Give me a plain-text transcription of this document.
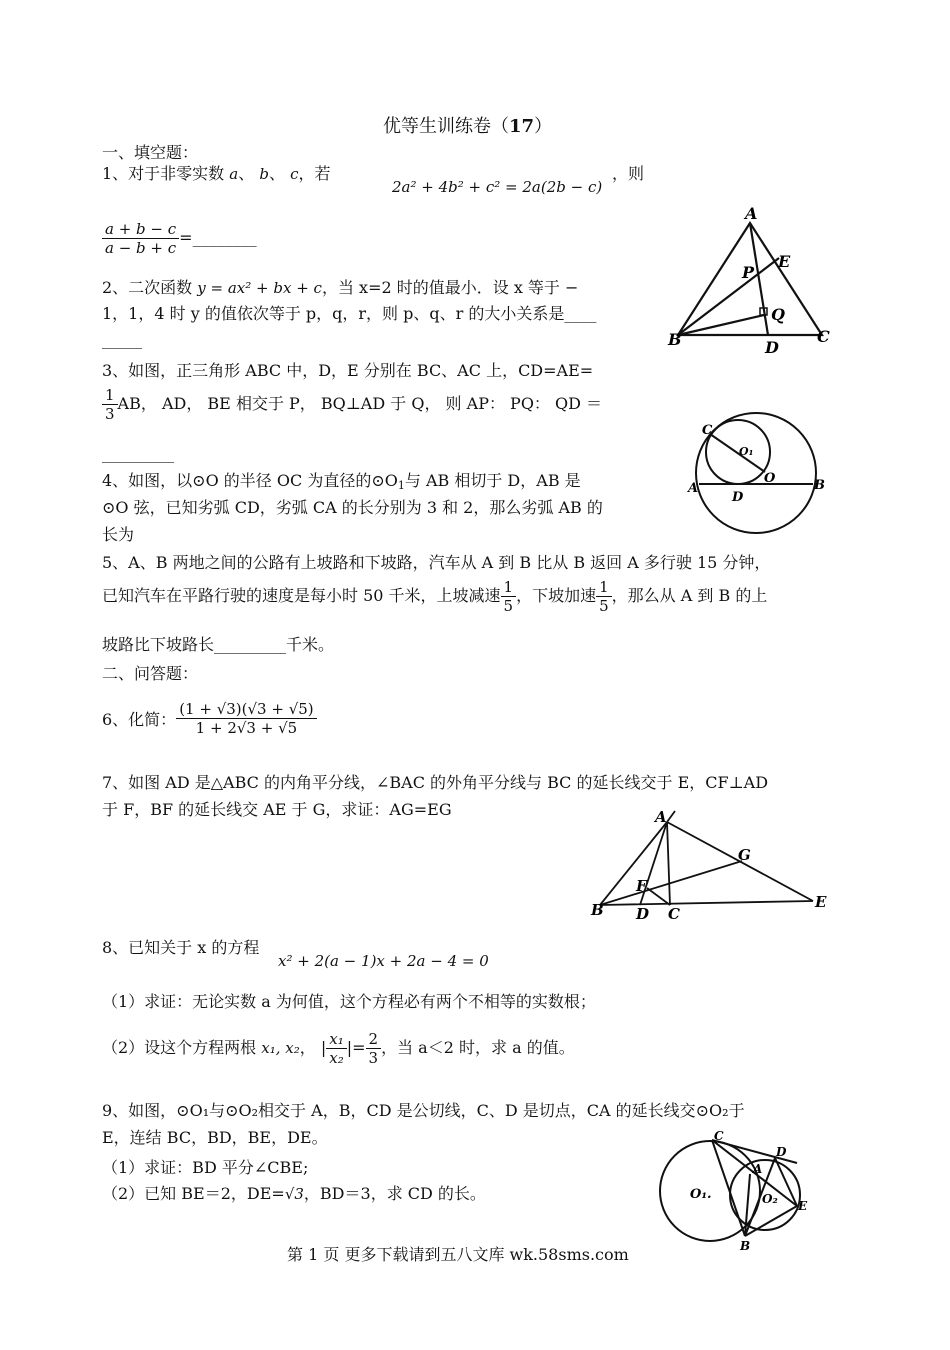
优等生训练卷（17）
一、填空题：
1、对于非零实数 a、 b、 c，若
2a² + 4b² + c² = 2a(2b − c)
，则
$\frac{a + b - c}{a - b + c}$ =________
2、二次函数 y = ax² + bx + c，当 x=2 时的值最小．设 x 等于 −
1，1，4 时 y 的值依次等于 p，q，r，则 p、q、r 的大小关系是____
_____
3、如图，正三角形 ABC 中，D，E 分别在 BC、AC 上，CD=AE=
$\frac{1}{3}$ AB， AD， BE 相交于 P， BQ⊥AD 于 Q， 则 AP： PQ： QD ＝
_________
4、如图，以⊙O 的半径 OC 为直径的$⊙O_1$与 AB 相切于 D，AB 是
⊙O 弦，已知劣弧 CD，劣弧 CA 的长分别为 3 和 2，那么劣弧 AB 的
长为
5、A、B 两地之间的公路有上坡路和下坡路，汽车从 A 到 B 比从 B 返回 A 多行驶 15 分钟，
已知汽车在平路行驶的速度是每小时 50 千米，上坡减速 $\frac{1}{5}$ ，下坡加速 $\frac{1}{5}$ ，那么从 A 到 B 的上
坡路比下坡路长_________千米。
二、问答题：
6、化简： $\frac{(1 + √3)(√3 + √5)}{1 + 2√3 + √5}$
7、如图 AD 是△ABC 的内角平分线，∠BAC 的外角平分线与 BC 的延长线交于 E，CF⊥AD
于 F，BF 的延长线交 AE 于 G，求证：AG=EG
8、已知关于 x 的方程
x² + 2(a − 1)x + 2a − 4 = 0
（1）求证：无论实数 a 为何值，这个方程必有两个不相等的实数根；
（2）设这个方程两根 x₁, x₂， | $\frac{\text{x₁}}{\text{x₂}}$ |= $\frac{2}{3}$ ，当 a＜2 时，求 a 的值。
9、如图，⊙O₁与⊙O₂相交于 A，B，CD 是公切线，C、D 是切点，CA 的延长线交⊙O₂于
E，连结 BC，BD，BE，DE。
（1）求证：BD 平分∠CBE;
（2）已知 BE＝2，DE=√3，BD＝3，求 CD 的长。
第 1 页 更多下载请到五八文库 wk.58sms.com
A
E
P
Q
B	D
C
C
O₁
O
A
D
B
A
G
F
B D C
E
C
D
A
O₁.	O₂ E
B
